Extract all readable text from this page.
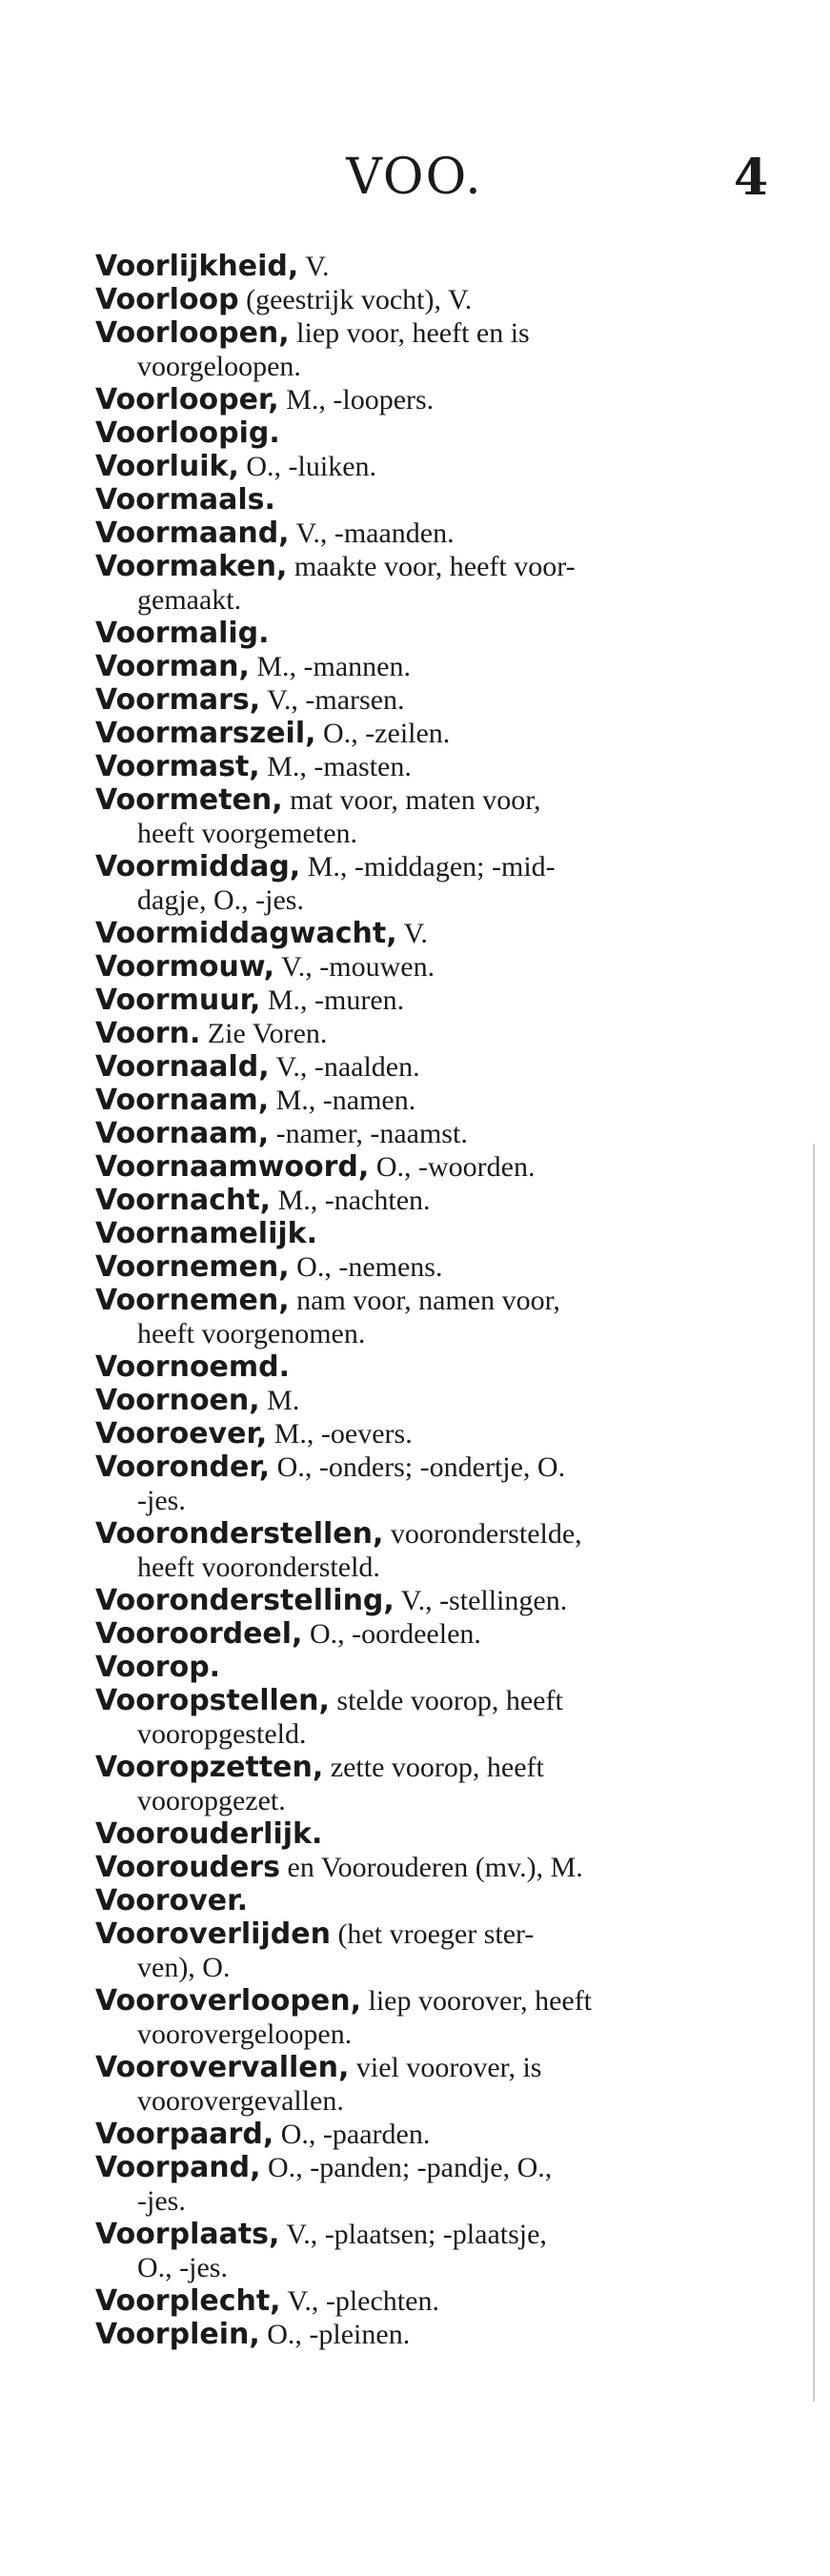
VOO.	4
Voorlijkheid, V.
Voorloop (geestrijk vocht), V.
Voorloopen, liep voor, heeft en is
voorgeloopen.
Voorlooper, M., -loopers.
Voorloopig.
Voorluik, O., -luiken.
Voormaals.
Voormaand, V., -maanden.
Voormaken, maakte voor, heeft voor-
gemaakt.
Voormalig.
Voorman, M., -mannen.
Voormars, V., -marsen.
Voormarszeil, O., -zeilen.
Voormast, M., -masten.
Voormeten, mat voor, maten voor,
heeft voorgemeten.
Voormiddag, M., -middagen; -mid-
dagje, O., -jes.
Voormiddagwacht, V.
Voormouw, V., -mouwen.
Voormuur, M., -muren.
Voorn. Zie Voren.
Voornaald, V., -naalden.
Voornaam, M., -namen.
Voornaam, -namer, -naamst.
Voornaamwoord, O., -woorden.
Voornacht, M., -nachten.
Voornamelijk.
Voornemen, O., -nemens.
Voornemen, nam voor, namen voor,
heeft voorgenomen.
Voornoemd.
Voornoen, M.
Vooroever, M., -oevers.
Vooronder, O., -onders; -ondertje, O.
-jes.
Vooronderstellen, vooronderstelde,
heeft voorondersteld.
Vooronderstelling, V., -stellingen.
Vooroordeel, O., -oordeelen.
Voorop.
Vooropstellen, stelde voorop, heeft
vooropgesteld.
Vooropzetten, zette voorop, heeft
vooropgezet.
Voorouderlijk.
Voorouders en Voorouderen (mv.), M.
Voorover.
Vooroverlijden (het vroeger ster-
ven), O.
Vooroverloopen, liep voorover, heeft
voorovergeloopen.
Voorovervallen, viel voorover, is
voorovergevallen.
Voorpaard, O., -paarden.
Voorpand, O., -panden; -pandje, O.,
-jes.
Voorplaats, V., -plaatsen; -plaatsje,
O., -jes.
Voorplecht, V., -plechten.
Voorplein, O., -pleinen.
